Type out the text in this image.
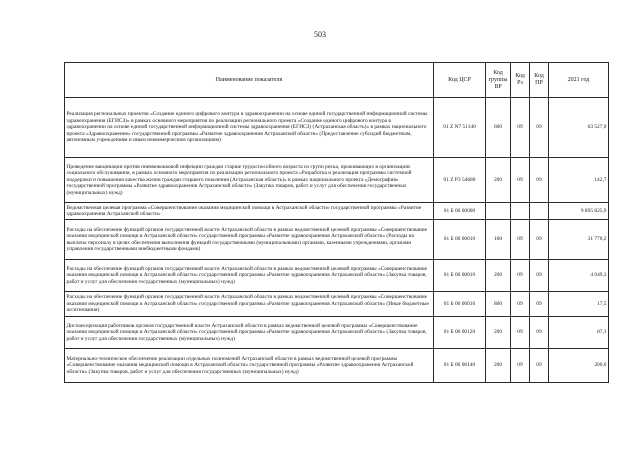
503
Наименование показателя	Код ЦСР	Код группы ВР	Код Рз	Код ПР	2021 год
Реализация региональных проектов «Создание единого цифрового контура в здравоохранении на основе единой государственной информационной системы здравоохранения (ЕГИСЗ)» в рамках основного мероприятия по реализации регионального проекта «Создание единого цифрового контура в здравоохранении на основе единой государственной информационной системы здравоохранения (ЕГИСЗ) (Астраханская область)» в рамках национального проекта «Здравоохранение» государственной программы «Развитие здравоохранения Астраханской области» (Предоставление субсидий бюджетным, автономным учреждениям и иным некоммерческим организациям)	01 Z N7 51140	600	09	09	63 527,0
Проведение вакцинации против пневмококковой инфекции граждан старше трудоспособного возраста из групп риска, проживающих в организациях социального обслуживания, в рамках основного мероприятия по реализации регионального проекта «Разработка и реализация программы системной поддержки и повышения качества жизни граждан старшего поколения (Астраханская область)» в рамках национального проекта «Демография» государственной программы «Развитие здравоохранения Астраханской области» (Закупка товаров, работ и услуг для обеспечения государственных (муниципальных) нужд)	01 Z P3 54680	200	09	09	142,7
Ведомственная целевая программа «Совершенствование оказания медицинской помощи в Астраханской области» государственной программы «Развитие здравоохранения Астраханской области»	01 Б 00 00000				9 895 825,9
Расходы на обеспечение функций органов государственной власти Астраханской области в рамках ведомственной целевой программы «Совершенствование оказания медицинской помощи в Астраханской области» государственной программы «Развитие здравоохранения Астраханской области» (Расходы на выплаты персоналу в целях обеспечения выполнения функций государственными (муниципальными) органами, казенными учреждениями, органами управления государственными внебюджетными фондами)	01 Б 00 00010	100	09	09	31 770,2
Расходы на обеспечение функций органов государственной власти Астраханской области в рамках ведомственной целевой программы «Совершенствование оказания медицинской помощи в Астраханской области» государственной программы «Развитие здравоохранения Астраханской области» (Закупка товаров, работ и услуг для обеспечения государственных (муниципальных) нужд)	01 Б 00 00010	200	09	09	4 049,3
Расходы на обеспечение функций органов государственной власти Астраханской области в рамках ведомственной целевой программы «Совершенствование оказания медицинской помощи в Астраханской области» государственной программы «Развитие здравоохранения Астраханской области» (Иные бюджетные ассигнования)	01 Б 00 00010	800	09	09	17,5
Диспансеризация работников органов государственной власти Астраханской области в рамках ведомственной целевой программы «Совершенствование оказания медицинской помощи в Астраханской области» государственной программы «Развитие здравоохранения Астраханской области» (Закупка товаров, работ и услуг для обеспечения государственных (муниципальных) нужд)	01 Б 00 00120	200	09	09	87,1
Материально-техническое обеспечение реализации отдельных полномочий Астраханской области в рамках ведомственной целевой программы «Совершенствование оказания медицинской помощи в Астраханской области» государственной программы «Развитие здравоохранения Астраханской области» (Закупка товаров, работ и услуг для обеспечения государственных (муниципальных) нужд)	01 Б 00 00140	200	09	09	200,0
